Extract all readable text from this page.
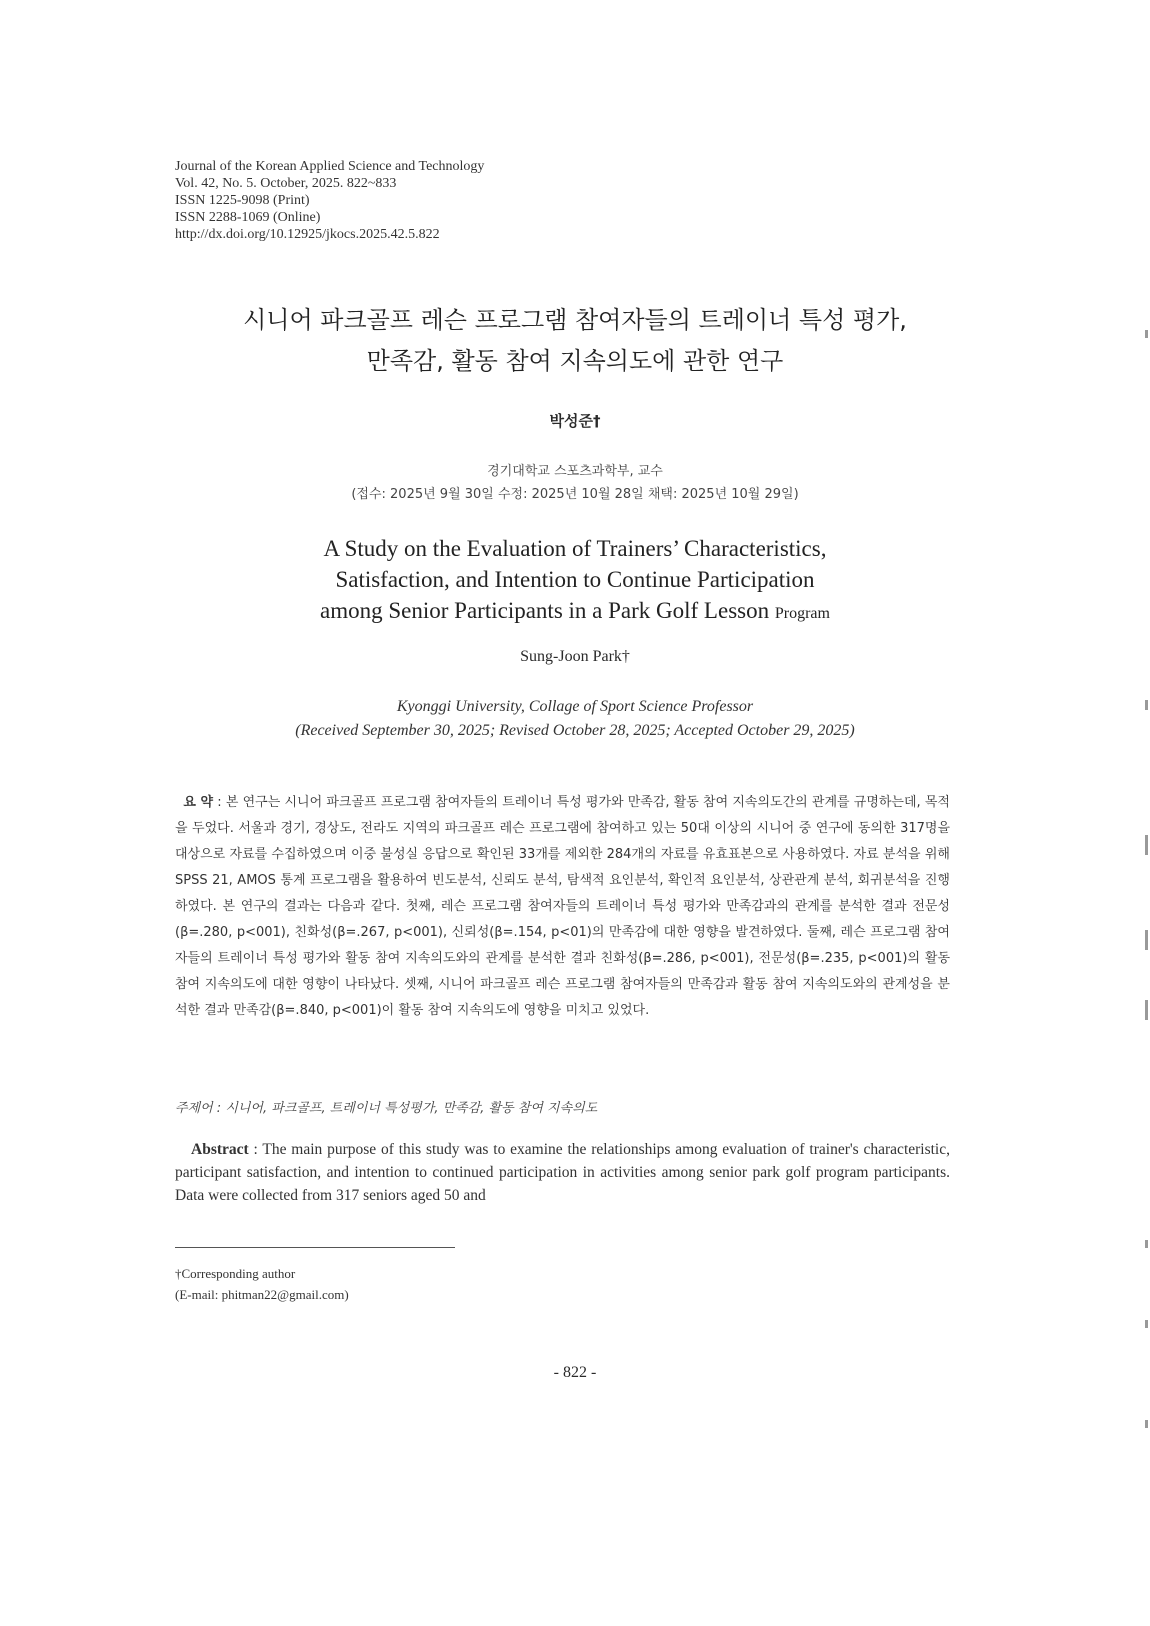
Journal of the Korean Applied Science and Technology
Vol. 42, No. 5. October, 2025. 822~833
ISSN 1225-9098 (Print)
ISSN 2288-1069 (Online)
http://dx.doi.org/10.12925/jkocs.2025.42.5.822
시니어 파크골프 레슨 프로그램 참여자들의 트레이너 특성 평가,
만족감, 활동 참여 지속의도에 관한 연구
박성준†
경기대학교 스포츠과학부, 교수
(접수: 2025년 9월 30일 수정: 2025년 10월 28일 채택: 2025년 10월 29일)
A Study on the Evaluation of Trainers’ Characteristics,
Satisfaction, and Intention to Continue Participation
among Senior Participants in a Park Golf Lesson Program
Sung-Joon Park†
Kyonggi University, Collage of Sport Science Professor
(Received September 30, 2025; Revised October 28, 2025; Accepted October 29, 2025)
요 약 : 본 연구는 시니어 파크골프 프로그램 참여자들의 트레이너 특성 평가와 만족감, 활동 참여 지속의도간의 관계를 규명하는데, 목적을 두었다. 서울과 경기, 경상도, 전라도 지역의 파크골프 레슨 프로그램에 참여하고 있는 50대 이상의 시니어 중 연구에 동의한 317명을 대상으로 자료를 수집하였으며 이중 불성실 응답으로 확인된 33개를 제외한 284개의 자료를 유효표본으로 사용하였다. 자료 분석을 위해 SPSS 21, AMOS 통계 프로그램을 활용하여 빈도분석, 신뢰도 분석, 탐색적 요인분석, 확인적 요인분석, 상관관계 분석, 회귀분석을 진행하였다. 본 연구의 결과는 다음과 같다. 첫째, 레슨 프로그램 참여자들의 트레이너 특성 평가와 만족감과의 관계를 분석한 결과 전문성(β=.280, p<001), 친화성(β=.267, p<001), 신뢰성(β=.154, p<01)의 만족감에 대한 영향을 발견하였다. 둘째, 레슨 프로그램 참여자들의 트레이너 특성 평가와 활동 참여 지속의도와의 관계를 분석한 결과 친화성(β=.286, p<001), 전문성(β=.235, p<001)의 활동 참여 지속의도에 대한 영향이 나타났다. 셋째, 시니어 파크골프 레슨 프로그램 참여자들의 만족감과 활동 참여 지속의도와의 관계성을 분석한 결과 만족감(β=.840, p<001)이 활동 참여 지속의도에 영향을 미치고 있었다.
주제어 : 시니어, 파크골프, 트레이너 특성평가, 만족감, 활동 참여 지속의도
Abstract : The main purpose of this study was to examine the relationships among evaluation of trainer's characteristic, participant satisfaction, and intention to continued participation in activities among senior park golf program participants. Data were collected from 317 seniors aged 50 and
†Corresponding author
(E-mail: phitman22@gmail.com)
- 822 -
